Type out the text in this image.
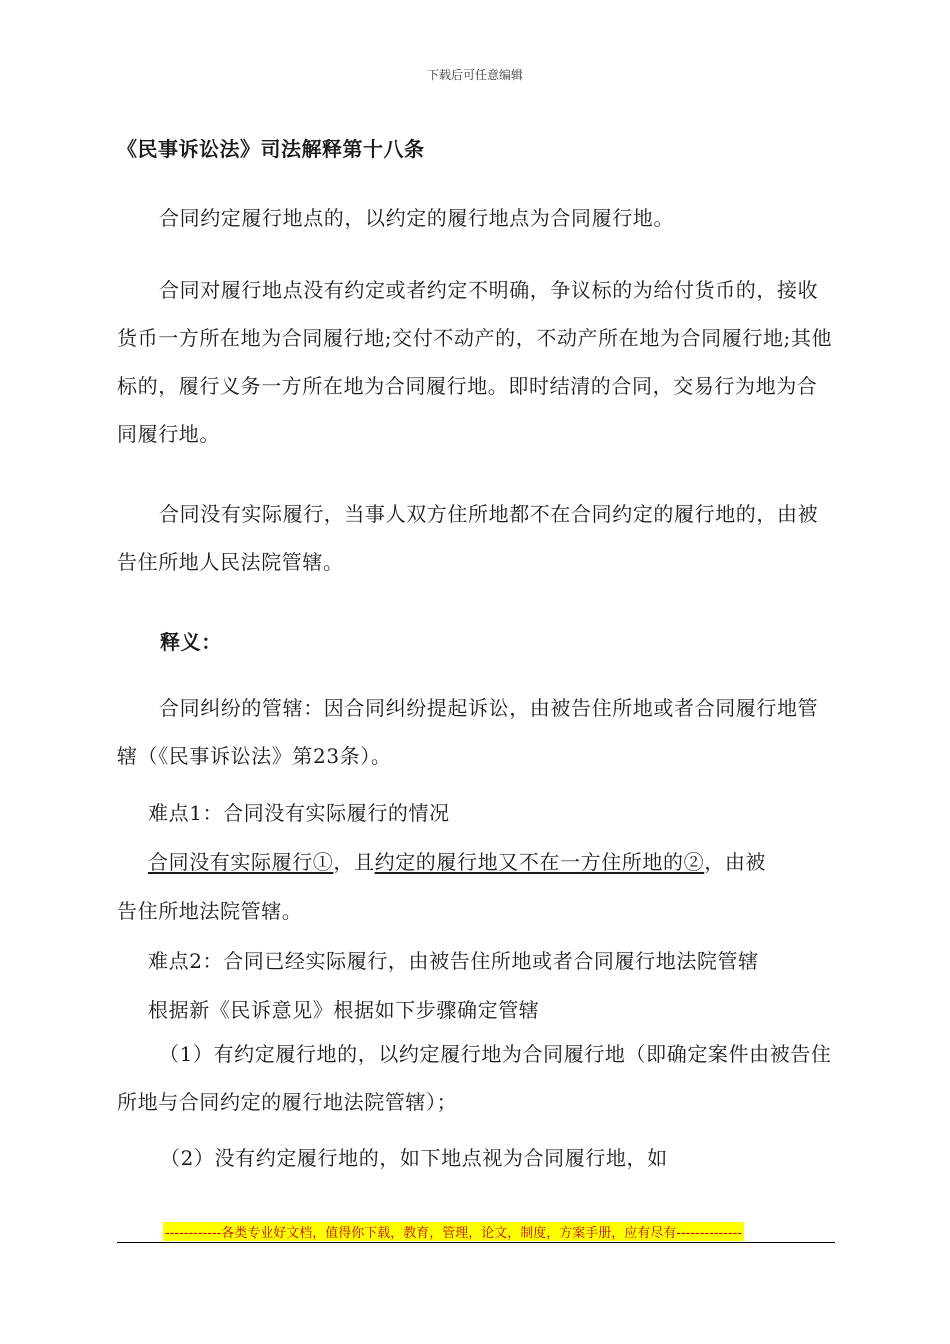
下载后可任意编辑
《民事诉讼法》司法解释第十八条

合同约定履行地点的，以约定的履行地点为合同履行地。

合同对履行地点没有约定或者约定不明确，争议标的为给付货币的，接收货币一方所在地为合同履行地;交付不动产的，不动产所在地为合同履行地;其他标的，履行义务一方所在地为合同履行地。即时结清的合同，交易行为地为合同履行地。

合同没有实际履行，当事人双方住所地都不在合同约定的履行地的，由被告住所地人民法院管辖。

释义：

合同纠纷的管辖：因合同纠纷提起诉讼，由被告住所地或者合同履行地管辖（《民事诉讼法》第23条）。

难点1：合同没有实际履行的情况
合同没有实际履行①，且约定的履行地又不在一方住所地的②，由被
告住所地法院管辖。
难点2：合同已经实际履行，由被告住所地或者合同履行地法院管辖
根据新《民诉意见》根据如下步骤确定管辖

（1）有约定履行地的，以约定履行地为合同履行地（即确定案件由被告住所地与合同约定的履行地法院管辖）；

（2）没有约定履行地的，如下地点视为合同履行地，如
------------各类专业好文档，值得你下载，教育，管理，论文，制度，方案手册，应有尽有--------------
